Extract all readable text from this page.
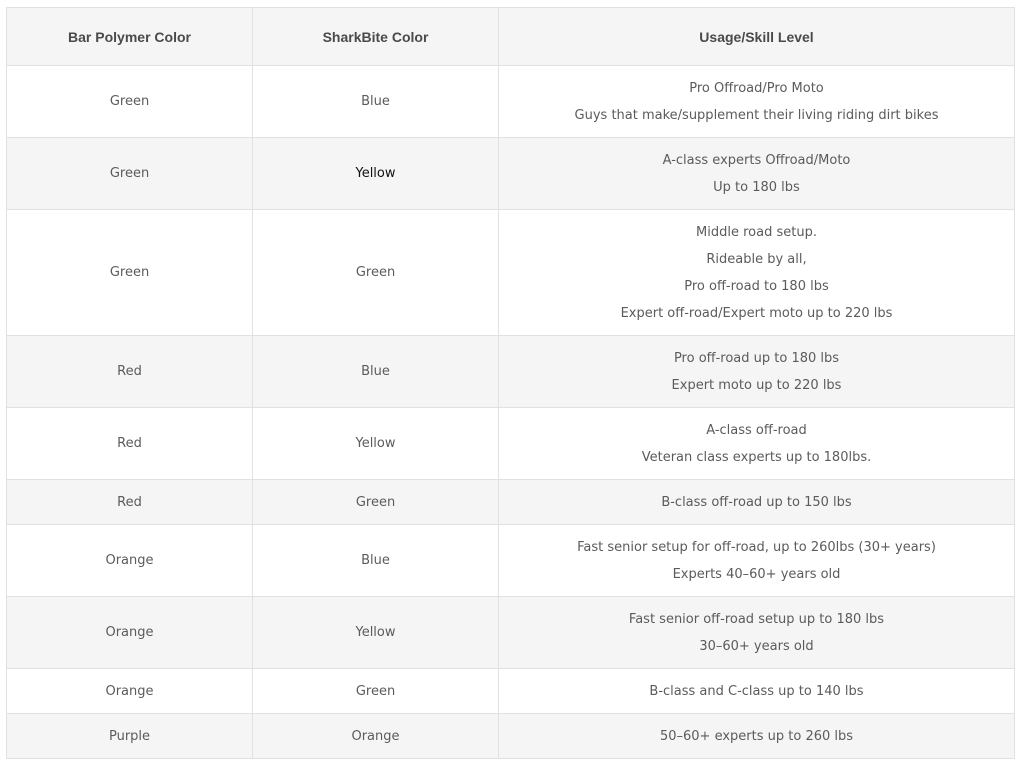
Bar Polymer Color	SharkBite Color	Usage/Skill Level
Green	Blue	Pro Offroad/Pro Moto
Guys that make/supplement their living riding dirt bikes

Green	Yellow	A-class experts Offroad/Moto
Up to 180 lbs

Green	Green	Middle road setup.
Rideable by all,
Pro off-road to 180 lbs
Expert off-road/Expert moto up to 220 lbs

Red	Blue	Pro off-road up to 180 lbs
Expert moto up to 220 lbs

Red	Yellow	A-class off-road
Veteran class experts up to 180lbs.

Red	Green	B-class off-road up to 150 lbs

Orange	Blue	Fast senior setup for off-road, up to 260lbs (30+ years)
Experts 40–60+ years old

Orange	Yellow	Fast senior off-road setup up to 180 lbs
30–60+ years old

Orange	Green	B-class and C-class up to 140 lbs

Purple	Orange	50–60+ experts up to 260 lbs
